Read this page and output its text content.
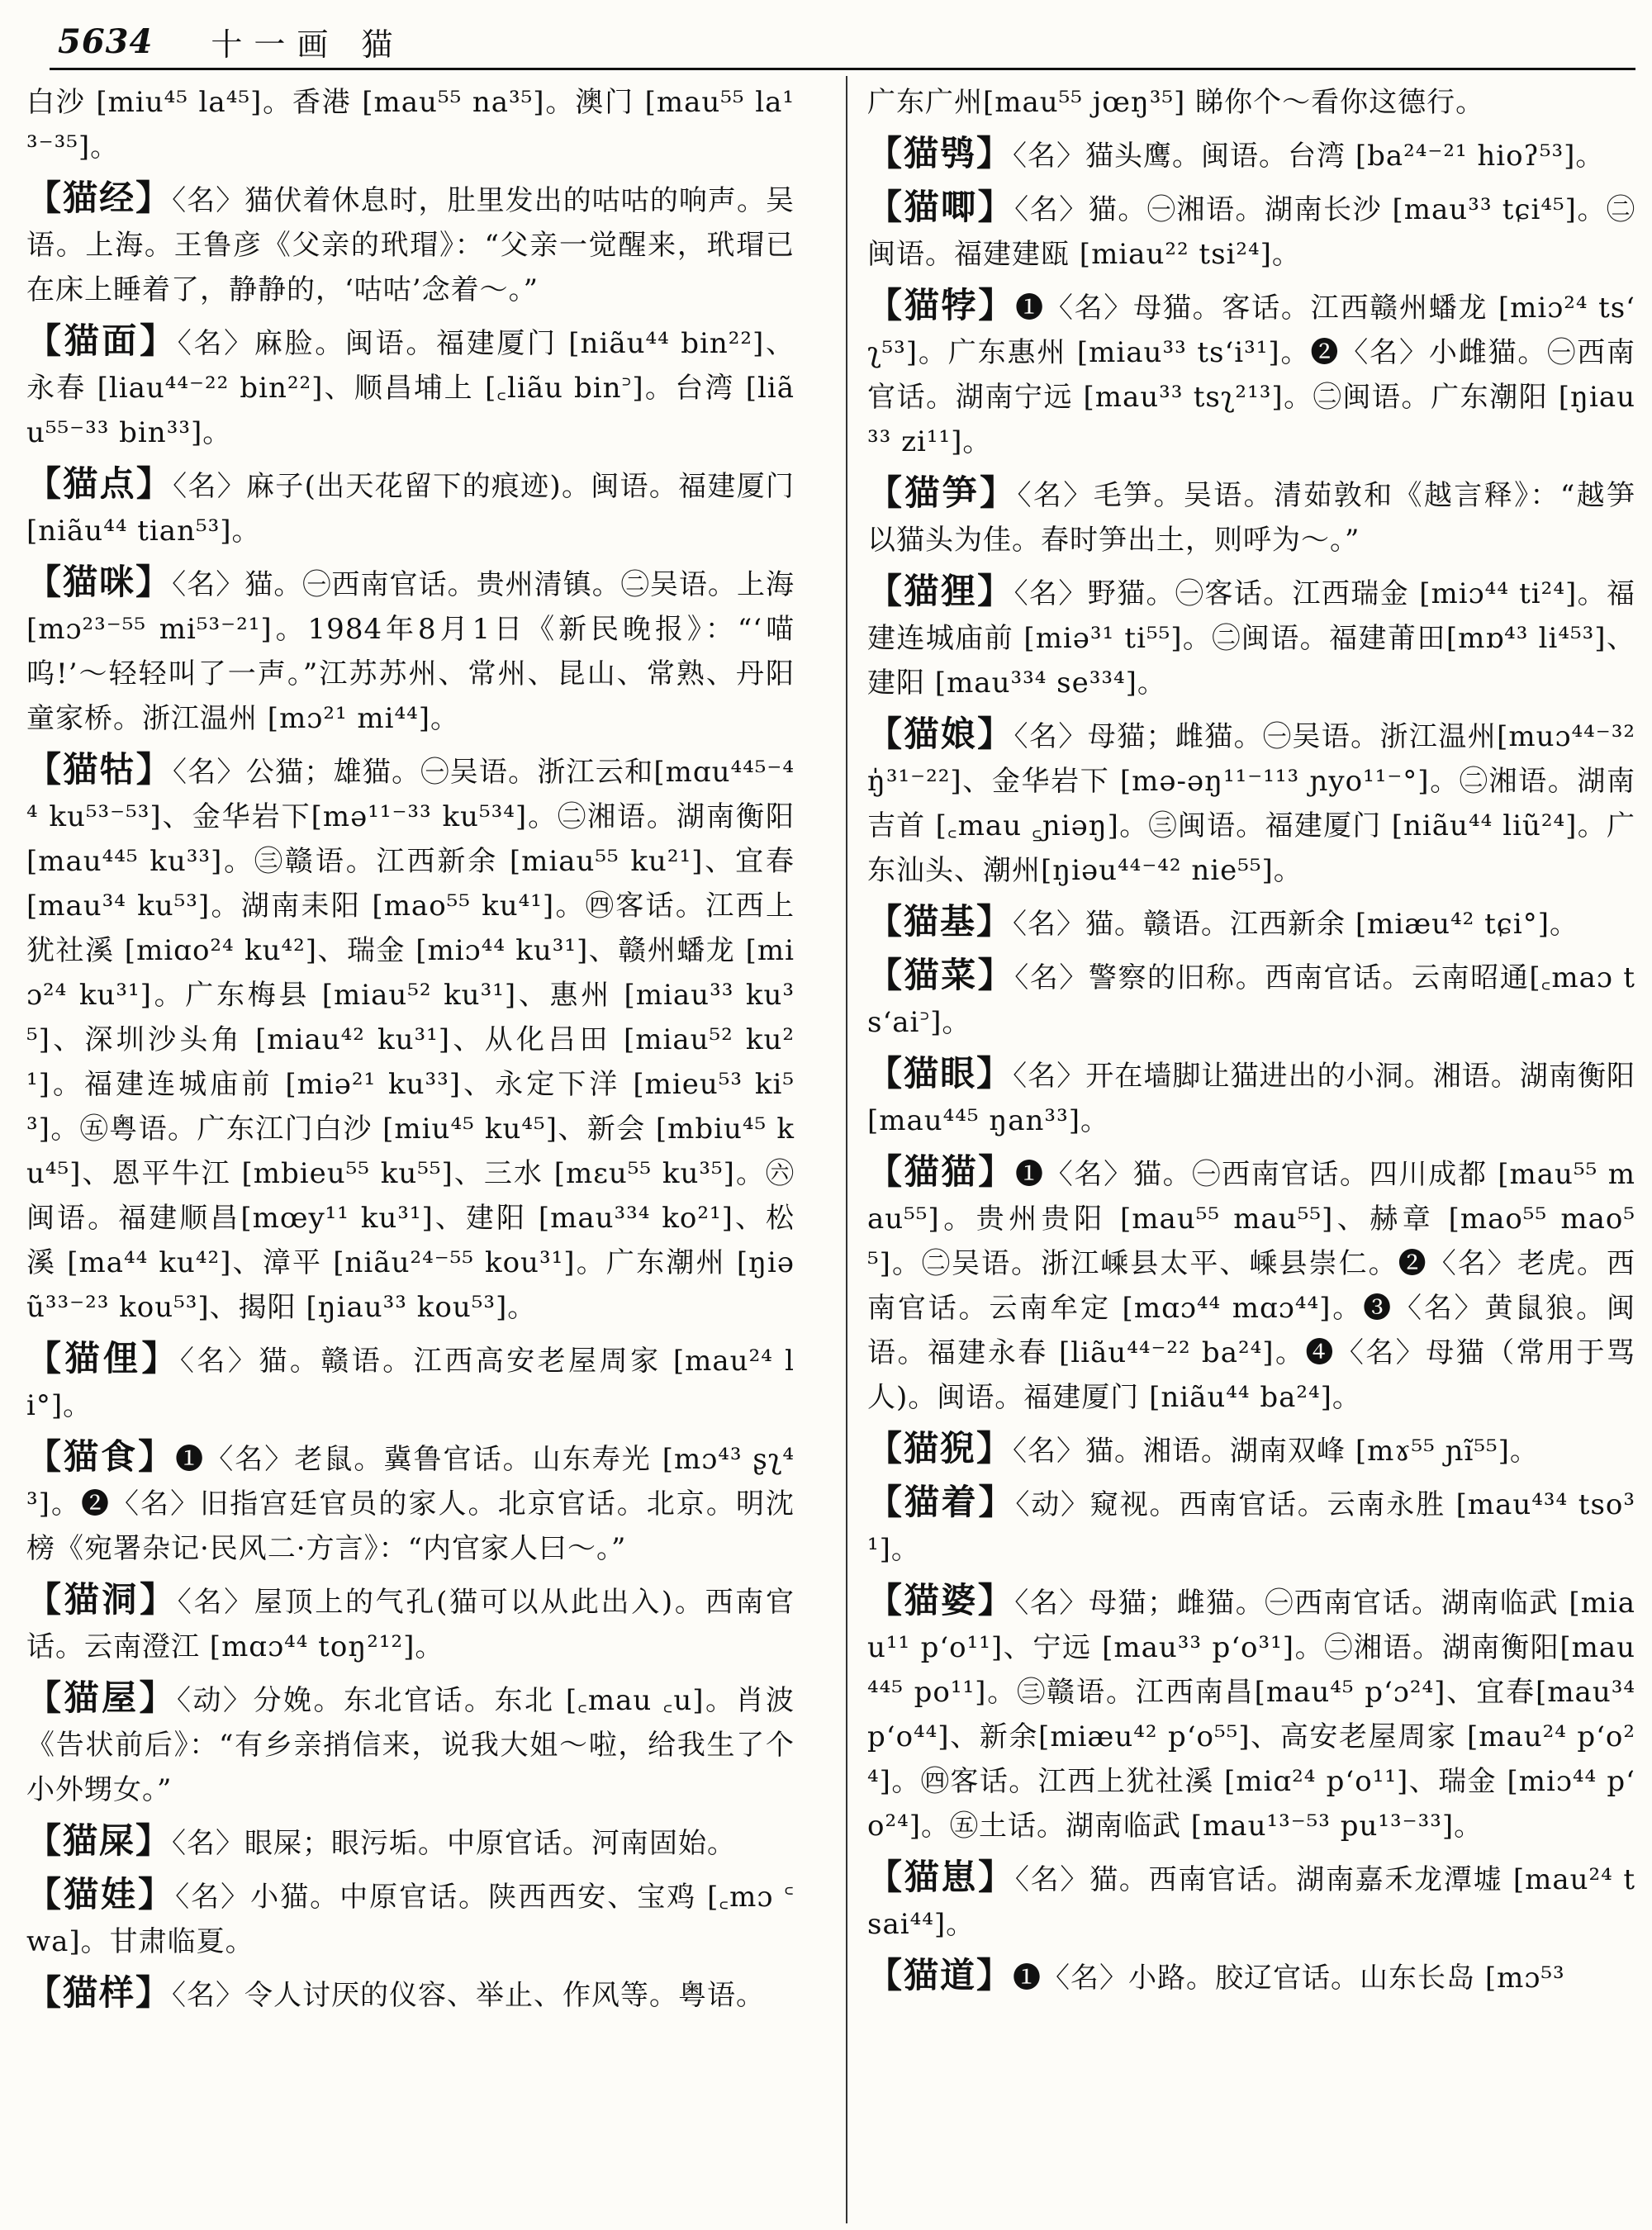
5634 十一画 猫

白沙 [miu⁴⁵ la⁴⁵]。香港 [mau⁵⁵ na³⁵]。澳门 [mau⁵⁵ la¹³⁻³⁵]。

【猫经】〈名〉猫伏着休息时，肚里发出的咕咕的响声。吴语。上海。王鲁彦《父亲的玳瑁》：“父亲一觉醒来，玳瑁已在床上睡着了，静静的，‘咕咕’念着～。”

【猫面】〈名〉麻脸。闽语。福建厦门 [niãu⁴⁴ bin²²]、永春 [liau⁴⁴⁻²² bin²²]、顺昌埔上 [꜀liãu bin꜄]。台湾 [liãu⁵⁵⁻³³ bin³³]。

【猫点】〈名〉麻子(出天花留下的痕迹)。闽语。福建厦门 [niãu⁴⁴ tian⁵³]。

【猫咪】〈名〉猫。㊀西南官话。贵州清镇。㊁吴语。上海 [mɔ²³⁻⁵⁵ mi⁵³⁻²¹]。1984年8月1日《新民晚报》：“‘喵呜!’～轻轻叫了一声。”江苏苏州、常州、昆山、常熟、丹阳童家桥。浙江温州 [mɔ²¹ mi⁴⁴]。

【猫牯】〈名〉公猫；雄猫。㊀吴语。浙江云和[mɑu⁴⁴⁵⁻⁴⁴ ku⁵³⁻⁵³]、金华岩下[mə¹¹⁻³³ ku⁵³⁴]。㊁湘语。湖南衡阳 [mau⁴⁴⁵ ku³³]。㊂赣语。江西新余 [miau⁵⁵ ku²¹]、宜春 [mau³⁴ ku⁵³]。湖南耒阳 [mao⁵⁵ ku⁴¹]。㊃客话。江西上犹社溪 [miɑo²⁴ ku⁴²]、瑞金 [miɔ⁴⁴ ku³¹]、赣州蟠龙 [miɔ²⁴ ku³¹]。广东梅县 [miau⁵² ku³¹]、惠州 [miau³³ ku³⁵]、深圳沙头角 [miau⁴² ku³¹]、从化吕田 [miau⁵² ku²¹]。福建连城庙前 [miə²¹ ku³³]、永定下洋 [mieu⁵³ ki⁵³]。㊄粤语。广东江门白沙 [miu⁴⁵ ku⁴⁵]、新会 [mbiu⁴⁵ ku⁴⁵]、恩平牛江 [mbieu⁵⁵ ku⁵⁵]、三水 [mɛu⁵⁵ ku³⁵]。㊅闽语。福建顺昌[mœy¹¹ ku³¹]、建阳 [mau³³⁴ ko²¹]、松溪 [ma⁴⁴ ku⁴²]、漳平 [niãu²⁴⁻⁵⁵ kou³¹]。广东潮州 [ŋiəũ³³⁻²³ kou⁵³]、揭阳 [ŋiau³³ kou⁵³]。

【猫俚】〈名〉猫。赣语。江西高安老屋周家 [mau²⁴ li°]。

【猫食】❶〈名〉老鼠。冀鲁官话。山东寿光 [mɔ⁴³ ʂʅ⁴³]。❷〈名〉旧指宫廷官员的家人。北京官话。北京。明沈榜《宛署杂记·民风二·方言》：“内官家人曰～。”

【猫洞】〈名〉屋顶上的气孔(猫可以从此出入)。西南官话。云南澄江 [mɑɔ⁴⁴ toŋ²¹²]。

【猫屋】〈动〉分娩。东北官话。东北 [꜀mau ꜀u]。肖波《告状前后》：“有乡亲捎信来，说我大姐～啦，给我生了个小外甥女。”

【猫屎】〈名〉眼屎；眼污垢。中原官话。河南固始。

【猫娃】〈名〉小猫。中原官话。陕西西安、宝鸡 [꜀mɔ ꜂wa]。甘肃临夏。

【猫样】〈名〉令人讨厌的仪容、举止、作风等。粤语。

广东广州[mau⁵⁵ jœŋ³⁵] 睇你个～看你这德行。

【猫鸮】〈名〉猫头鹰。闽语。台湾 [ba²⁴⁻²¹ hioʔ⁵³]。

【猫唧】〈名〉猫。㊀湘语。湖南长沙 [mau³³ tɕi⁴⁵]。㊁闽语。福建建瓯 [miau²² tsi²⁴]。

【猫㹀】❶〈名〉母猫。客话。江西赣州蟠龙 [miɔ²⁴ tsʻʅ⁵³]。广东惠州 [miau³³ tsʻi³¹]。❷〈名〉小雌猫。㊀西南官话。湖南宁远 [mau³³ tsʅ²¹³]。㊁闽语。广东潮阳 [ŋiau³³ zi¹¹]。

【猫笋】〈名〉毛笋。吴语。清茹敦和《越言释》：“越笋以猫头为佳。春时笋出土，则呼为～。”

【猫狸】〈名〉野猫。㊀客话。江西瑞金 [miɔ⁴⁴ ti²⁴]。福建连城庙前 [miə³¹ ti⁵⁵]。㊁闽语。福建莆田[mɒ⁴³ li⁴⁵³]、建阳 [mau³³⁴ se³³⁴]。

【猫娘】〈名〉母猫；雌猫。㊀吴语。浙江温州[muɔ⁴⁴⁻³² ŋ̍³¹⁻²²]、金华岩下 [mə-əŋ¹¹⁻¹¹³ ɲyo¹¹⁻°]。㊁湘语。湖南吉首 [꜀mau ꜁ɲiəŋ]。㊂闽语。福建厦门 [niãu⁴⁴ liũ²⁴]。广东汕头、潮州[ŋiəu⁴⁴⁻⁴² nie⁵⁵]。

【猫基】〈名〉猫。赣语。江西新余 [miæu⁴² tɕi°]。

【猫菜】〈名〉警察的旧称。西南官话。云南昭通[꜀maɔ tsʻai꜄]。

【猫眼】〈名〉开在墙脚让猫进出的小洞。湘语。湖南衡阳 [mau⁴⁴⁵ ŋan³³]。

【猫猫】❶〈名〉猫。㊀西南官话。四川成都 [mau⁵⁵ mau⁵⁵]。贵州贵阳 [mau⁵⁵ mau⁵⁵]、赫章 [mao⁵⁵ mao⁵⁵]。㊁吴语。浙江嵊县太平、嵊县崇仁。❷〈名〉老虎。西南官话。云南牟定 [mɑɔ⁴⁴ mɑɔ⁴⁴]。❸〈名〉黄鼠狼。闽语。福建永春 [liãu⁴⁴⁻²² ba²⁴]。❹〈名〉母猫（常用于骂人)。闽语。福建厦门 [niãu⁴⁴ ba²⁴]。

【猫猊】〈名〉猫。湘语。湖南双峰 [mɤ⁵⁵ ɲĩ⁵⁵]。

【猫着】〈动〉窥视。西南官话。云南永胜 [mau⁴³⁴ tso³¹]。

【猫婆】〈名〉母猫；雌猫。㊀西南官话。湖南临武 [miau¹¹ pʻo¹¹]、宁远 [mau³³ pʻo³¹]。㊁湘语。湖南衡阳[mau⁴⁴⁵ po¹¹]。㊂赣语。江西南昌[mau⁴⁵ pʻɔ²⁴]、宜春[mau³⁴ pʻo⁴⁴]、新余[miæu⁴² pʻo⁵⁵]、高安老屋周家 [mau²⁴ pʻo²⁴]。㊃客话。江西上犹社溪 [miɑ²⁴ pʻo¹¹]、瑞金 [miɔ⁴⁴ pʻo²⁴]。㊄土话。湖南临武 [mau¹³⁻⁵³ pu¹³⁻³³]。

【猫崽】〈名〉猫。西南官话。湖南嘉禾龙潭墟 [mau²⁴ tsai⁴⁴]。

【猫道】❶〈名〉小路。胶辽官话。山东长岛 [mɔ⁵³
